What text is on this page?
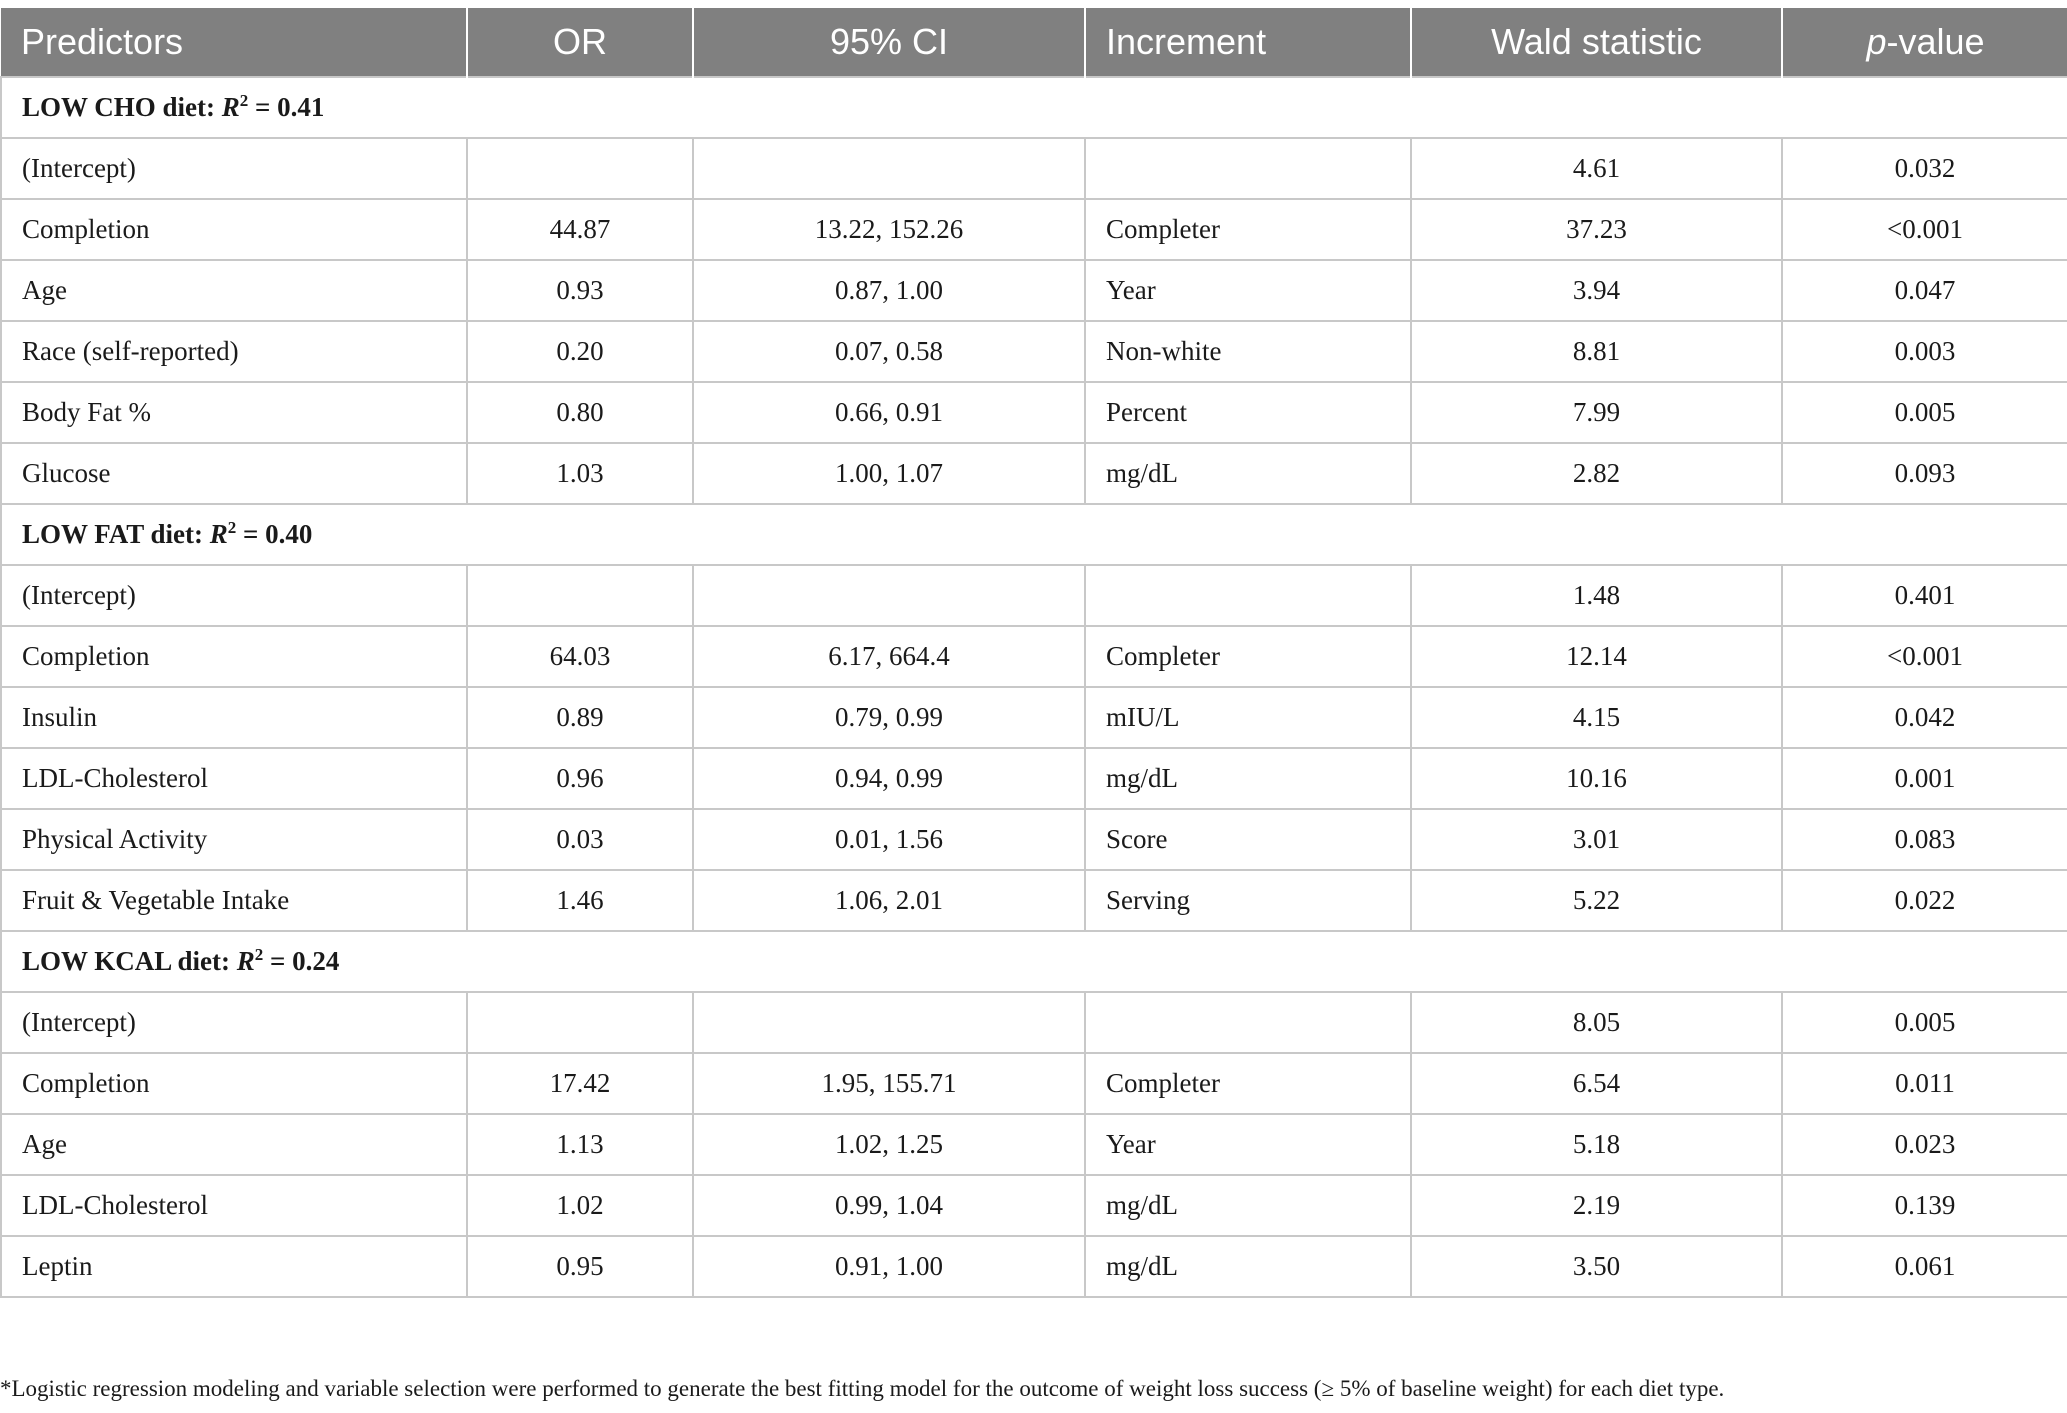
Predictors	OR	95% CI	Increment	Wald statistic	p-value
LOW CHO diet: $R^2 = 0.41$					
(Intercept)				4.61	0.032
Completion	44.87	13.22, 152.26	Completer	37.23	<0.001
Age	0.93	0.87, 1.00	Year	3.94	0.047
Race (self-reported)	0.20	0.07, 0.58	Non-white	8.81	0.003
Body Fat %	0.80	0.66, 0.91	Percent	7.99	0.005
Glucose	1.03	1.00, 1.07	mg/dL	2.82	0.093
LOW FAT diet: $R^2 = 0.40$					
(Intercept)				1.48	0.401
Completion	64.03	6.17, 664.4	Completer	12.14	<0.001
Insulin	0.89	0.79, 0.99	mIU/L	4.15	0.042
LDL-Cholesterol	0.96	0.94, 0.99	mg/dL	10.16	0.001
Physical Activity	0.03	0.01, 1.56	Score	3.01	0.083
Fruit & Vegetable Intake	1.46	1.06, 2.01	Serving	5.22	0.022
LOW KCAL diet: $R^2 = 0.24$					
(Intercept)				8.05	0.005
Completion	17.42	1.95, 155.71	Completer	6.54	0.011
Age	1.13	1.02, 1.25	Year	5.18	0.023
LDL-Cholesterol	1.02	0.99, 1.04	mg/dL	2.19	0.139
Leptin	0.95	0.91, 1.00	mg/dL	3.50	0.061
*Logistic regression modeling and variable selection were performed to generate the best fitting model for the outcome of weight loss success (≥ 5% of baseline weight) for each diet type.
